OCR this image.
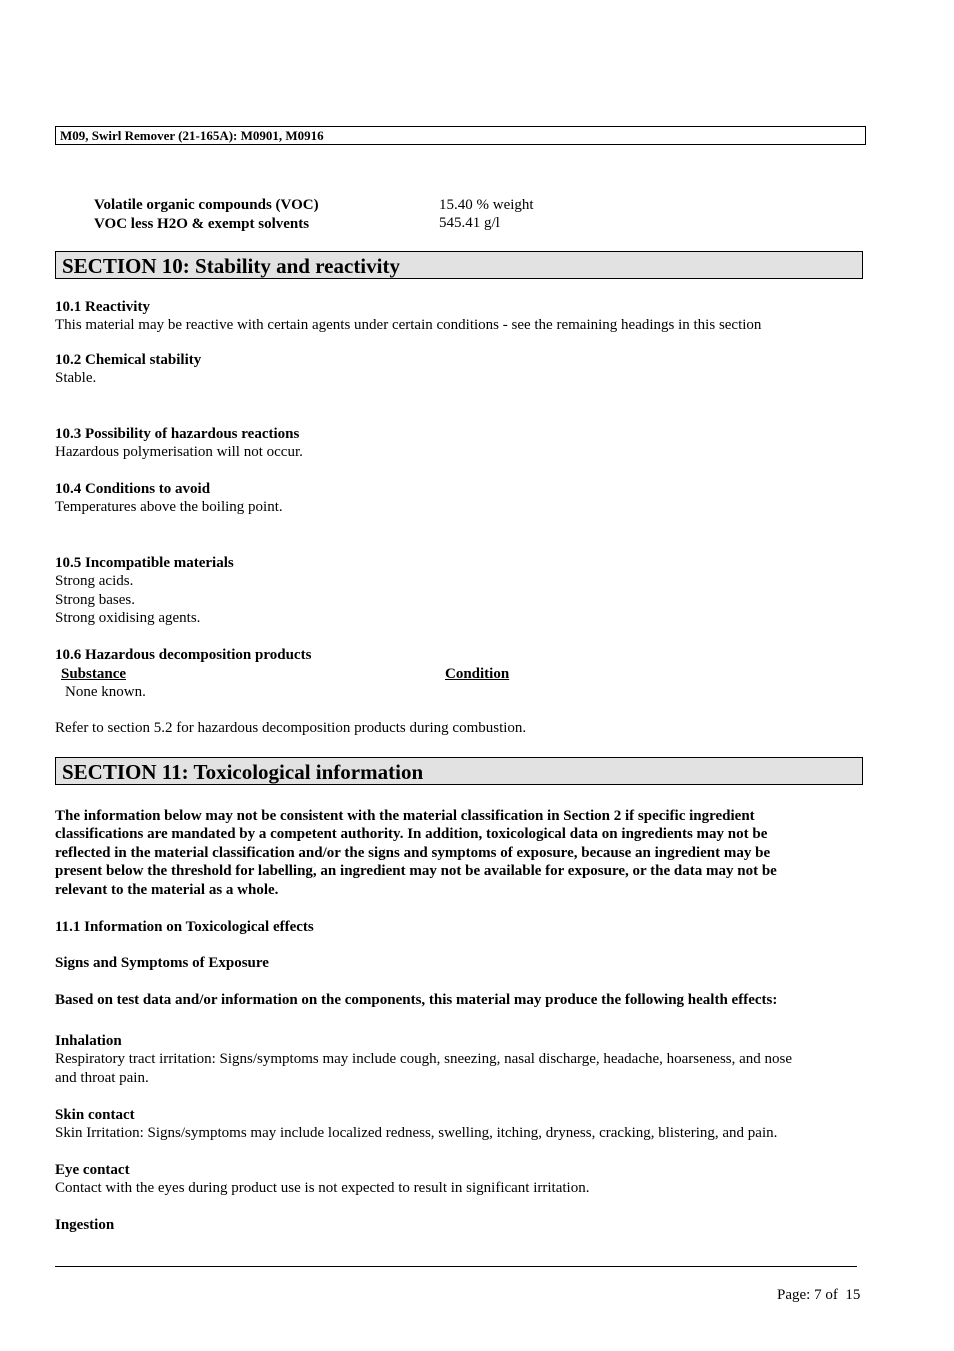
M09, Swirl Remover (21-165A): M0901, M0916
Volatile organic compounds (VOC)	15.40 % weight
VOC less H2O & exempt solvents	545.41 g/l
SECTION 10: Stability and reactivity
10.1 Reactivity
This material may be reactive with certain agents under certain conditions - see the remaining headings in this section
10.2 Chemical stability
Stable.
10.3 Possibility of hazardous reactions
Hazardous polymerisation will not occur.
10.4 Conditions to avoid
Temperatures above the boiling point.
10.5 Incompatible materials
Strong acids.
Strong bases.
Strong oxidising agents.
10.6 Hazardous decomposition products
Substance	Condition
None known.
Refer to section 5.2 for hazardous decomposition products during combustion.
SECTION 11: Toxicological information
The information below may not be consistent with the material classification in Section 2 if specific ingredient
classifications are mandated by a competent authority. In addition, toxicological data on ingredients may not be
reflected in the material classification and/or the signs and symptoms of exposure, because an ingredient may be
present below the threshold for labelling, an ingredient may not be available for exposure, or the data may not be
relevant to the material as a whole.
11.1 Information on Toxicological effects
Signs and Symptoms of Exposure
Based on test data and/or information on the components, this material may produce the following health effects:
Inhalation
Respiratory tract irritation: Signs/symptoms may include cough, sneezing, nasal discharge, headache, hoarseness, and nose
and throat pain.
Skin contact
Skin Irritation: Signs/symptoms may include localized redness, swelling, itching, dryness, cracking, blistering, and pain.
Eye contact
Contact with the eyes during product use is not expected to result in significant irritation.
Ingestion
Page: 7 of  15
